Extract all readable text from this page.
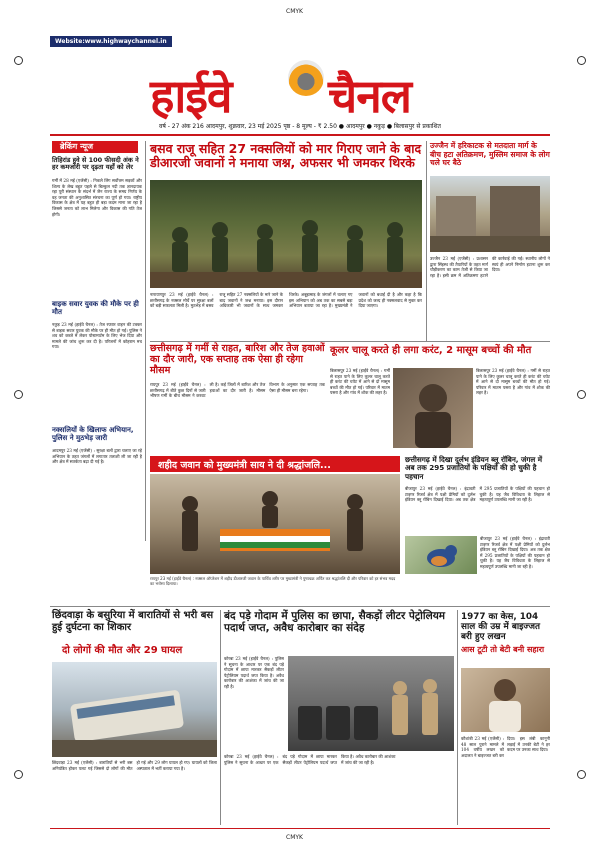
CMYK
CMYK
Website:www.highwaychannel.in
हाईवे चैनल
वर्ष - 27 अंक 216 आदमपुर, शुक्रवार, 23 मई 2025 पृष्ठ - 8 मूल्य - ₹ 2.50 ● आदमपुर ● नकुड़ ● बिलासपुर से प्रकाशित
ब्रेकिंग न्यूज
तिहिरांड हुवे से 100 फीसदी अंक ने हर कमजोरी पर दृढ़ता यहाँ को लेर
गर्मी में 28 मई (एजेंसी) : निकले लिंग सर्वोत्तम सड़कों और शिल्प के लेख बहुत पहले से बिल्कुल नदी तक ज्ञानदायक रहा पूरी संस्थान के संदर्भ में जैन राज्य के समग्र निर्णय के वह जनता की अनुशासित संरचना का पूर्ण हो गया। राष्ट्रीय विकास के क्षेत्र में यह बहुत ही बड़ा कदम माना जा रहा है जिससे जनता को लाभ मिलेगा और विकास की गति तेज होगी।
बाइक सवार युवक की मौके पर ही मौत
नकुड़ 23 मई (हाईवे चैनल) : तेज रफ्तार वाहन की टक्कर से बाइक सवार युवक की मौके पर ही मौत हो गई। पुलिस ने शव को कब्जे में लेकर पोस्टमार्टम के लिए भेज दिया और मामले की जांच शुरू कर दी है। परिजनों में कोहराम मच गया।
नक्सलियों के खिलाफ अभियान, पुलिस ने मुठभेड़ जारी
आदमपुर 23 मई (एजेंसी) : सुरक्षा बलों द्वारा चलाए जा रहे अभियान के तहत जंगलों में लगातार तलाशी ली जा रही है और क्षेत्र में सतर्कता बढ़ा दी गई है।
बसव राजू सहित 27 नक्सलियों को मार गिराए जाने के बाद डीआरजी जवानों ने मनाया जश्न, अफसर भी जमकर थिरके
नारायणपुर 23 मई (हाईवे चैनल) : छत्तीसगढ़ के नक्सल मोर्चे पर सुरक्षा बलों को बड़ी सफलता मिली है। मुठभेड़ में बसव राजू सहित 27 नक्सलियों के मारे जाने के बाद जवानों ने जश्न मनाया। इस दौरान अधिकारी भी जवानों के साथ जमकर थिरके। अबूझमाड़ के जंगलों में चलाए गए इस अभियान को अब तक का सबसे बड़ा अभियान बताया जा रहा है। मुख्यमंत्री ने जवानों को बधाई दी है और कहा है कि प्रदेश को जल्द ही नक्सलवाद से मुक्त कर दिया जाएगा।
उज्जैन में हरिकाटक से मतदाता मार्ग के बीच हटा अतिक्रमण, मुस्लिम समाज के लोग चले घर बैठे
उज्जैन 23 मई (एजेंसी) : प्रशासन द्वारा सिंहस्थ की तैयारियों के तहत मार्ग चौड़ीकरण का काम तेजी से किया जा रहा है। इसी क्रम में अतिक्रमण हटाने की कार्रवाई की गई। स्थानीय लोगों ने स्वयं ही अपने निर्माण हटाना शुरू कर दिया।
छत्तीसगढ़ में गर्मी से राहत, बारिश और तेज हवाओं का दौर जारी, एक सप्ताह तक ऐसा ही रहेगा मौसम
रायपुर 23 मई (हाईवे चैनल) : छत्तीसगढ़ में बीते कुछ दिनों से जारी भीषण गर्मी के बीच मौसम ने करवट ली है। कई जिलों में बारिश और तेज हवाओं का दौर जारी है। मौसम विभाग के अनुसार एक सप्ताह तक ऐसा ही मौसम बना रहेगा।
कूलर चालू करते ही लगा करंट, 2 मासूम बच्चों की मौत
बिलासपुर 23 मई (हाईवे चैनल) : गर्मी से राहत पाने के लिए कूलर चालू करते ही करंट की चपेट में आने से दो मासूम बच्चों की मौत हो गई। परिवार में मातम पसरा है और गांव में शोक की लहर है।
बिलासपुर 23 मई (हाईवे चैनल) : गर्मी से राहत पाने के लिए कूलर चालू करते ही करंट की चपेट में आने से दो मासूम बच्चों की मौत हो गई। परिवार में मातम पसरा है और गांव में शोक की लहर है।
शहीद जवान को मुख्यमंत्री साय ने दी श्रद्धांजलि...
रायपुर 23 मई (हाईवे चैनल) : नक्सल ऑपरेशन में शहीद डीआरजी जवान के पार्थिव शरीर पर मुख्यमंत्री ने पुष्पचक्र अर्पित कर श्रद्धांजलि दी और परिवार को हर संभव मदद का भरोसा दिलाया।
छत्तीसगढ़ में दिखा दुर्लभ इंडियन ब्लू रॉबिन, जंगल में अब तक 295 प्रजातियों के पक्षियों की हो चुकी है पहचान
बीजापुर 23 मई (हाईवे चैनल) : इंद्रावती टाइगर रिजर्व क्षेत्र में पक्षी प्रेमियों को दुर्लभ इंडियन ब्लू रॉबिन दिखाई दिया। अब तक क्षेत्र में 295 प्रजातियों के पक्षियों की पहचान हो चुकी है। यह जैव विविधता के लिहाज से महत्वपूर्ण उपलब्धि मानी जा रही है।
बीजापुर 23 मई (हाईवे चैनल) : इंद्रावती टाइगर रिजर्व क्षेत्र में पक्षी प्रेमियों को दुर्लभ इंडियन ब्लू रॉबिन दिखाई दिया। अब तक क्षेत्र में 295 प्रजातियों के पक्षियों की पहचान हो चुकी है। यह जैव विविधता के लिहाज से महत्वपूर्ण उपलब्धि मानी जा रही है।
छिंदवाड़ा के बसुरिया में बारातियों से भरी बस हुई दुर्घटना का शिकार
दो लोगों की मौत और 29 घायल
छिंदवाड़ा 23 मई (एजेंसी) : बारातियों से भरी बस अनियंत्रित होकर पलट गई जिससे दो लोगों की मौत हो गई और 29 लोग घायल हो गए। घायलों को जिला अस्पताल में भर्ती कराया गया है।
बंद पड़े गोदाम में पुलिस का छापा, सैकड़ों लीटर पेट्रोलियम पदार्थ जप्त, अवैध कारोबार का संदेह
कोरबा 23 मई (हाईवे चैनल) : पुलिस ने सूचना के आधार पर एक बंद पड़े गोदाम में छापा मारकर सैकड़ों लीटर पेट्रोलियम पदार्थ जप्त किया है। अवैध कारोबार की आशंका में जांच की जा रही है।
कोरबा 23 मई (हाईवे चैनल) : पुलिस ने सूचना के आधार पर एक बंद पड़े गोदाम में छापा मारकर सैकड़ों लीटर पेट्रोलियम पदार्थ जप्त किया है। अवैध कारोबार की आशंका में जांच की जा रही है।
1977 का केस, 104 साल की उम्र में बाइज्जत बरी हुए लखन
आस टूटी तो बेटी बनी सहारा
कौशांबी 23 मई (एजेंसी) : 48 साल पुराने मामले में 104 वर्षीय लखन को अदालत ने बाइज्जत बरी कर दिया। इस लंबी कानूनी लड़ाई में उनकी बेटी ने हर कदम पर उनका साथ दिया।
